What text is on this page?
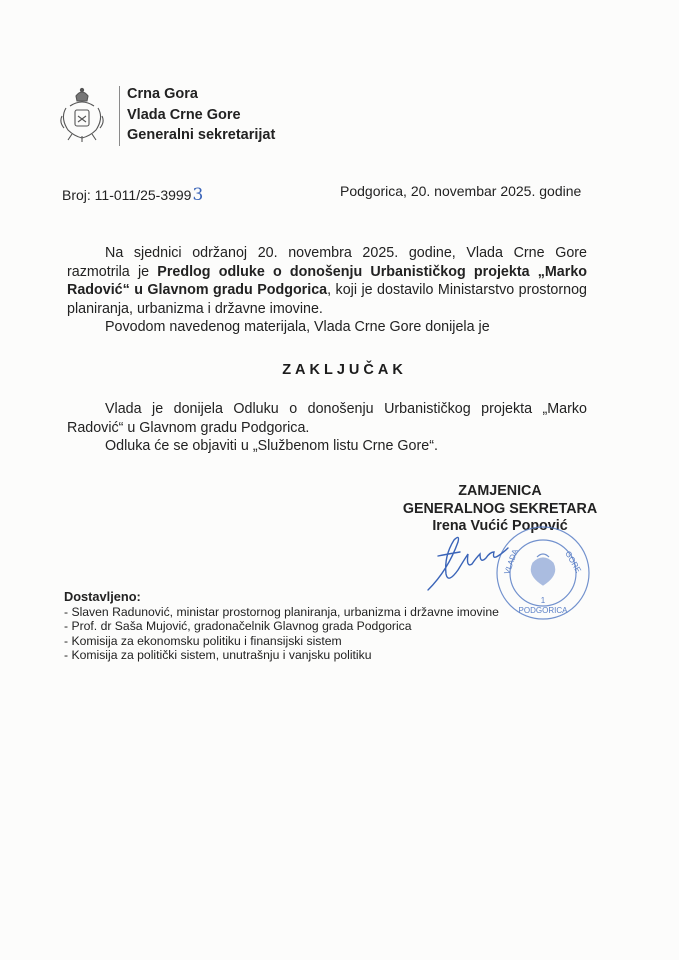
Crna Gora
Vlada Crne Gore
Generalni sekretarijat
Broj: 11-011/25-39993	Podgorica, 20. novembar 2025. godine

Na sjednici održanoj 20. novembra 2025. godine, Vlada Crne Gore razmotrila je Predlog odluke o donošenju Urbanističkog projekta „Marko Radović“ u Glavnom gradu Podgorica, koji je dostavilo Ministarstvo prostornog planiranja, urbanizma i državne imovine.

Povodom navedenog materijala, Vlada Crne Gore donijela je

ZAKLJUČAK

Vlada je donijela Odluku o donošenju Urbanističkog projekta „Marko Radović“ u Glavnom gradu Podgorica.

Odluka će se objaviti u „Službenom listu Crne Gore“.

ZAMJENICA
GENERALNOG SEKRETARA
Irena Vućić Popović
PODGORICA
1
VLADA	GORE
Dostavljeno:
- Slaven Radunović, ministar prostornog planiranja, urbanizma i državne imovine
- Prof. dr Saša Mujović, gradonačelnik Glavnog grada Podgorica
- Komisija za ekonomsku politiku i finansijski sistem
- Komisija za politički sistem, unutrašnju i vanjsku politiku
